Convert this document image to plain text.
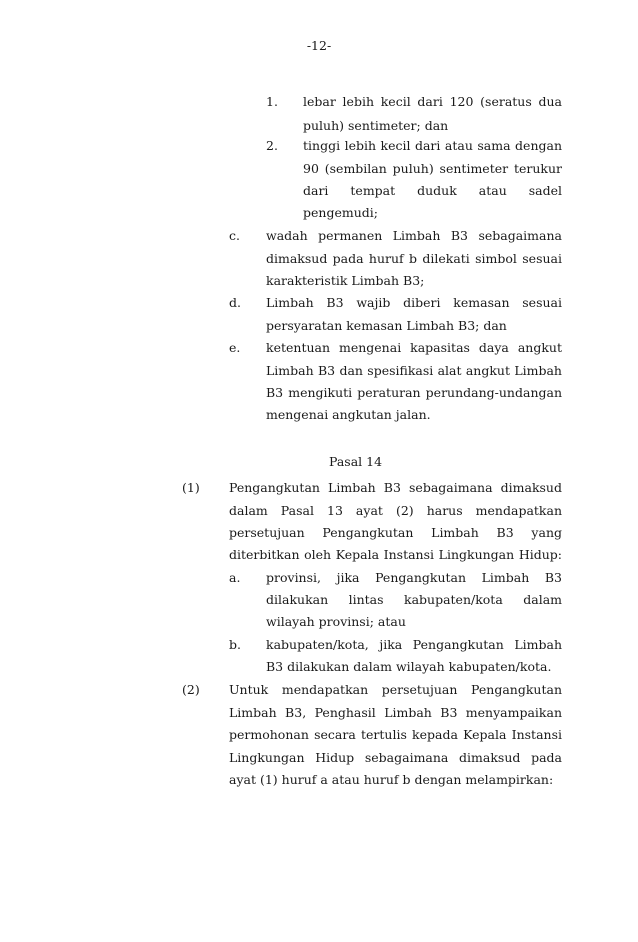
-12-
1. lebar lebih kecil dari 120 (seratus dua
puluh) sentimeter; dan
2. tinggi lebih kecil dari atau sama dengan
90 (sembilan puluh) sentimeter terukur
dari tempat duduk atau sadel
pengemudi;
c. wadah permanen Limbah B3 sebagaimana
dimaksud pada huruf b dilekati simbol sesuai
karakteristik Limbah B3;
d. Limbah B3 wajib diberi kemasan sesuai
persyaratan kemasan Limbah B3; dan
e. ketentuan mengenai kapasitas daya angkut
Limbah B3 dan spesifikasi alat angkut Limbah
B3 mengikuti peraturan perundang-undangan
mengenai angkutan jalan.
Pasal 14
(1) Pengangkutan Limbah B3 sebagaimana dimaksud
dalam Pasal 13 ayat (2) harus mendapatkan
persetujuan Pengangkutan Limbah B3 yang
diterbitkan oleh Kepala Instansi Lingkungan Hidup:
a. provinsi, jika Pengangkutan Limbah B3
dilakukan lintas kabupaten/kota dalam
wilayah provinsi; atau
b. kabupaten/kota, jika Pengangkutan Limbah
B3 dilakukan dalam wilayah kabupaten/kota.
(2) Untuk mendapatkan persetujuan Pengangkutan
Limbah B3, Penghasil Limbah B3 menyampaikan
permohonan secara tertulis kepada Kepala Instansi
Lingkungan Hidup sebagaimana dimaksud pada
ayat (1) huruf a atau huruf b dengan melampirkan:
